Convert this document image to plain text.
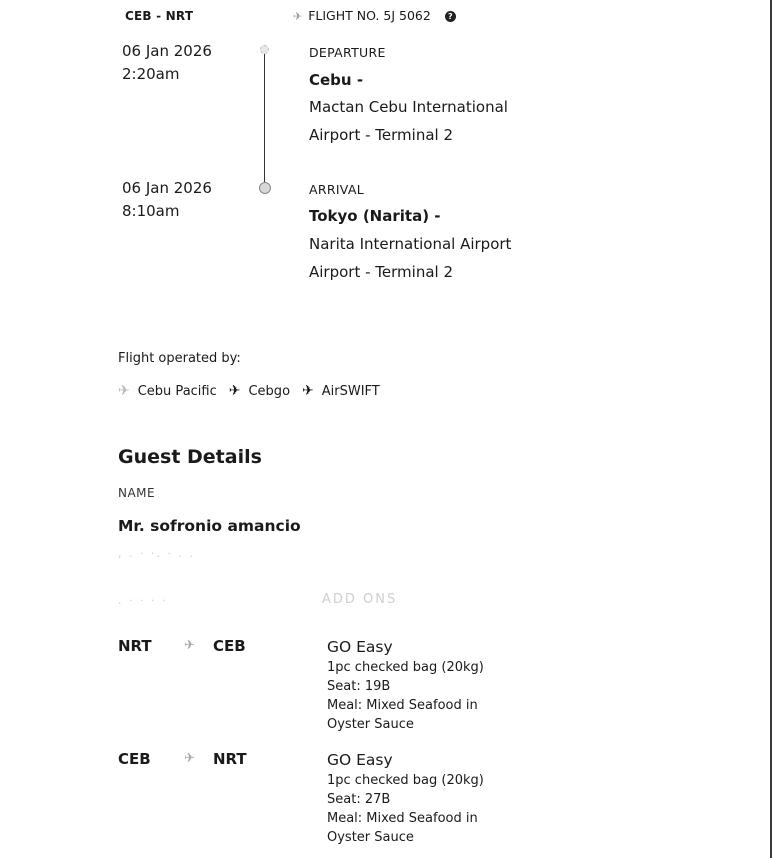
CEB - NRT	✈ FLIGHT NO. 5J 5062 ?
06 Jan 2026
2:20am
DEPARTURE
Cebu -
Mactan Cebu International
Airport - Terminal 2
06 Jan 2026
8:10am
ARRIVAL
Tokyo (Narita) -
Narita International Airport
Airport - Terminal 2
Flight operated by:
✈ Cebu Pacific ✈ Cebgo ✈ AirSWIFT
Guest Details
NAME
Mr. sofronio amancio
, . · ·. · . .
. · · · ·	ADD ONS
NRT ✈ CEB	GO Easy
1pc checked bag (20kg)
Seat: 19B
Meal: Mixed Seafood in
Oyster Sauce
CEB	✈ NRT	GO Easy
1pc checked bag (20kg)
Seat: 27B
Meal: Mixed Seafood in
Oyster Sauce
